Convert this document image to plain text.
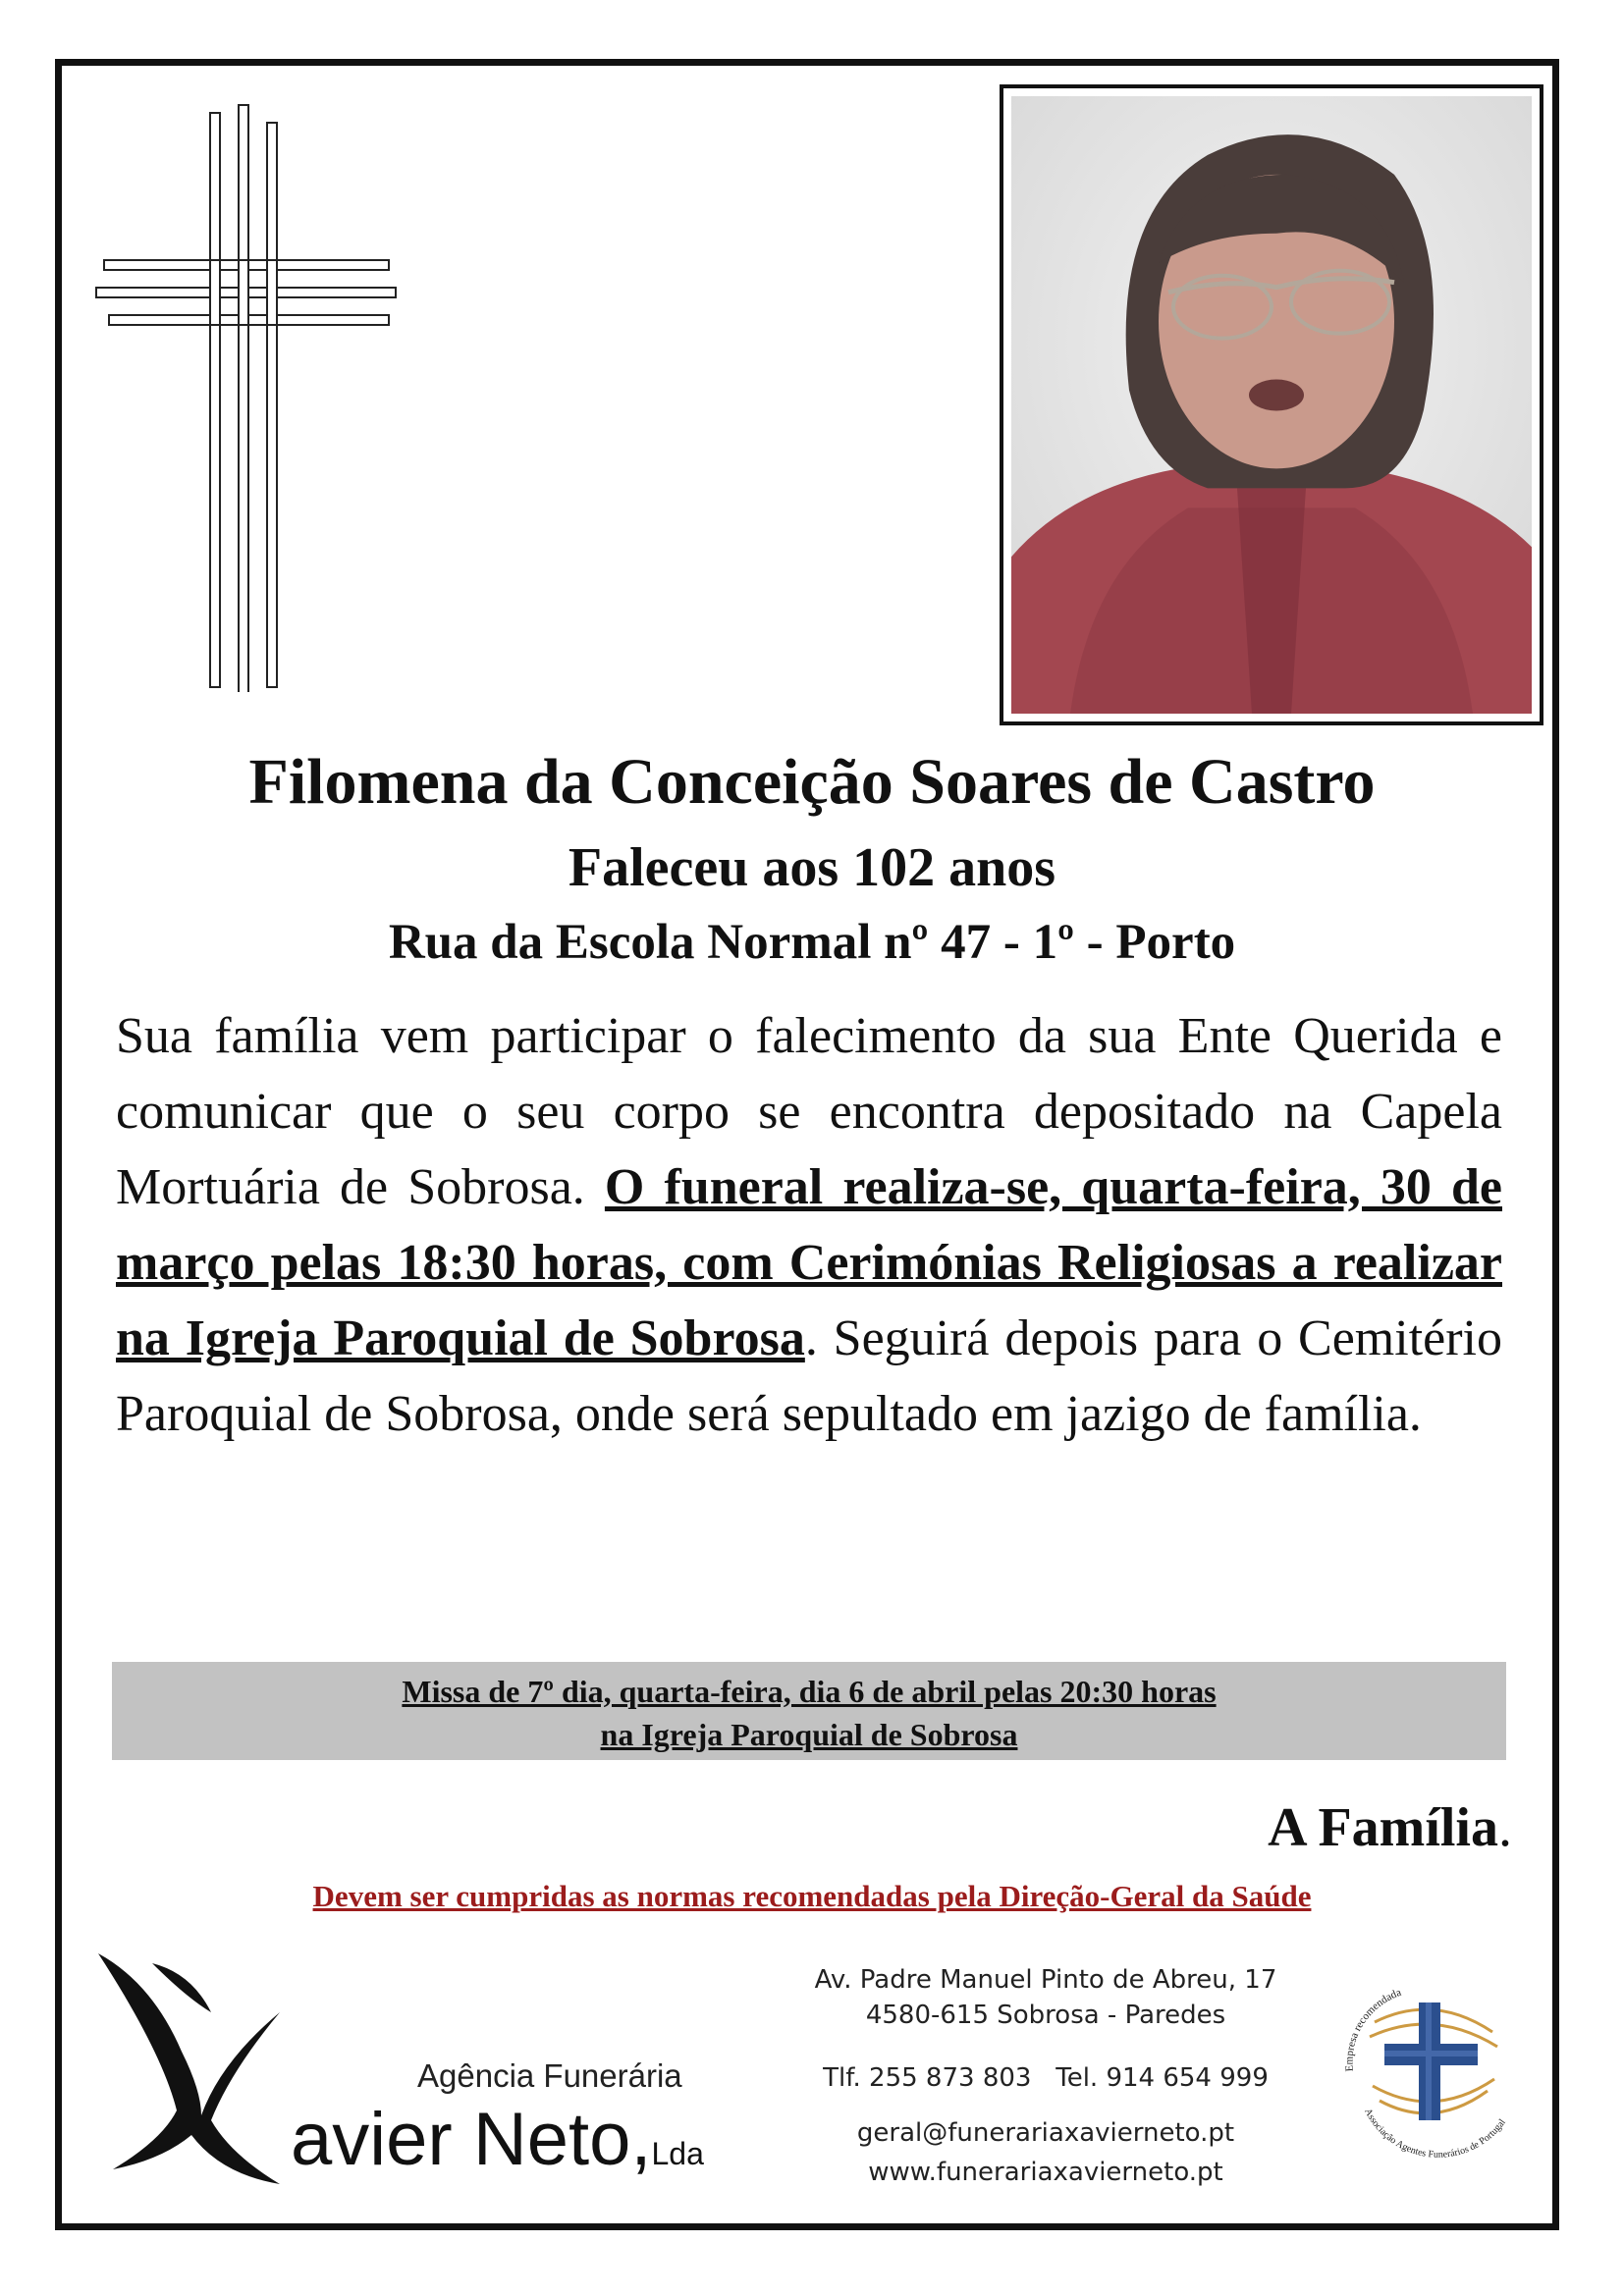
Filomena da Conceição Soares de Castro
Faleceu aos 102 anos
Rua da Escola Normal nº 47 - 1º - Porto

Sua família vem participar o falecimento da sua Ente Querida e comunicar que o seu corpo se encontra depositado na Capela Mortuária de Sobrosa. O funeral realiza-se, quarta-feira, 30 de março pelas 18:30 horas, com Cerimónias Religiosas a realizar na Igreja Paroquial de Sobrosa. Seguirá depois para o Cemitério Paroquial de Sobrosa, onde será sepultado em jazigo de família.

Missa de 7º dia, quarta-feira, dia 6 de abril pelas 20:30 horas
na Igreja Paroquial de Sobrosa
A Família.
Devem ser cumpridas as normas recomendadas pela Direção-Geral da Saúde
Agência Funerária
avier Neto,Lda
Av. Padre Manuel Pinto de Abreu, 17
4580-615 Sobrosa - Paredes
Tlf. 255 873 803   Tel. 914 654 999
geral@funerariaxavierneto.pt
www.funerariaxavierneto.pt
Empresa recomendada
Associação Agentes Funerários de Portugal
